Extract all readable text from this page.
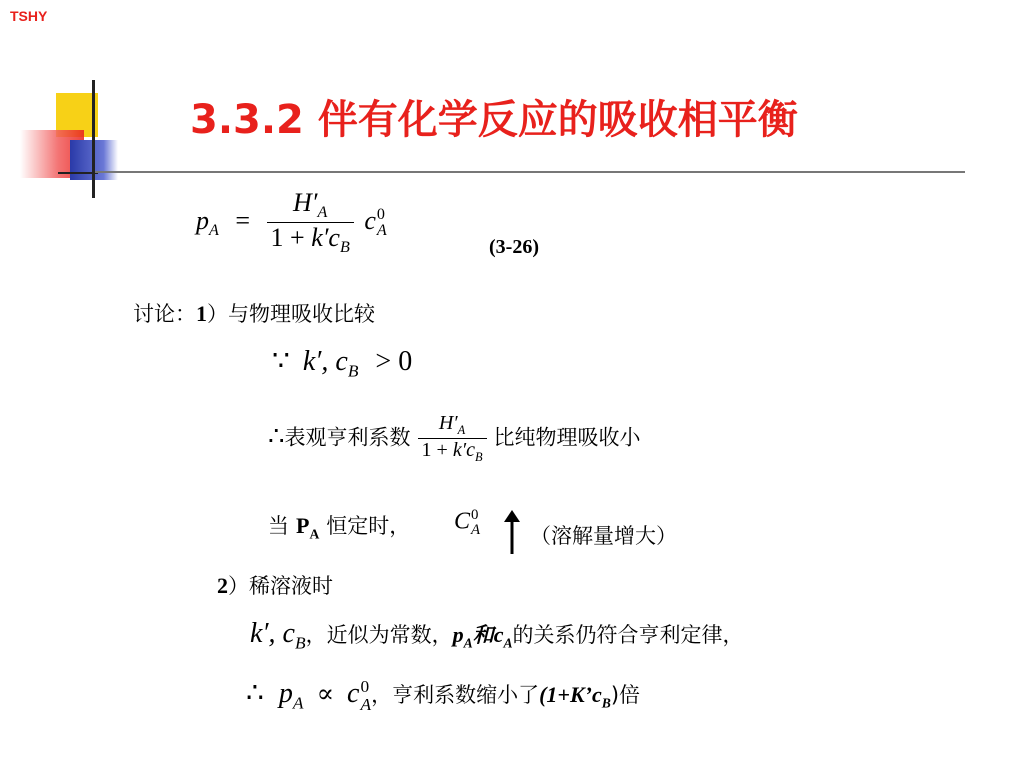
TSHY
3.3.2 伴有化学反应的吸收相平衡
$p_A = \frac{H'_A}{1 + k'c_B}$ c 0
A
(3-26)
讨论：1）与物理吸收比较
∵ k′, $c_B > 0$
∴表观亨利系数 $\frac{H'_A}{1 + k'c_B}$ 比纯物理吸收小
当 $P_A$ 恒定时， C 0
A （溶解量增大）
2）稀溶液时
k′, $c_B$，近似为常数，$p_A$和$c_A$的关系仍符合亨利定律，
∴ $p_A \propto c$ 0
A ，亨利系数缩小了$(1+K’c_B)$倍
